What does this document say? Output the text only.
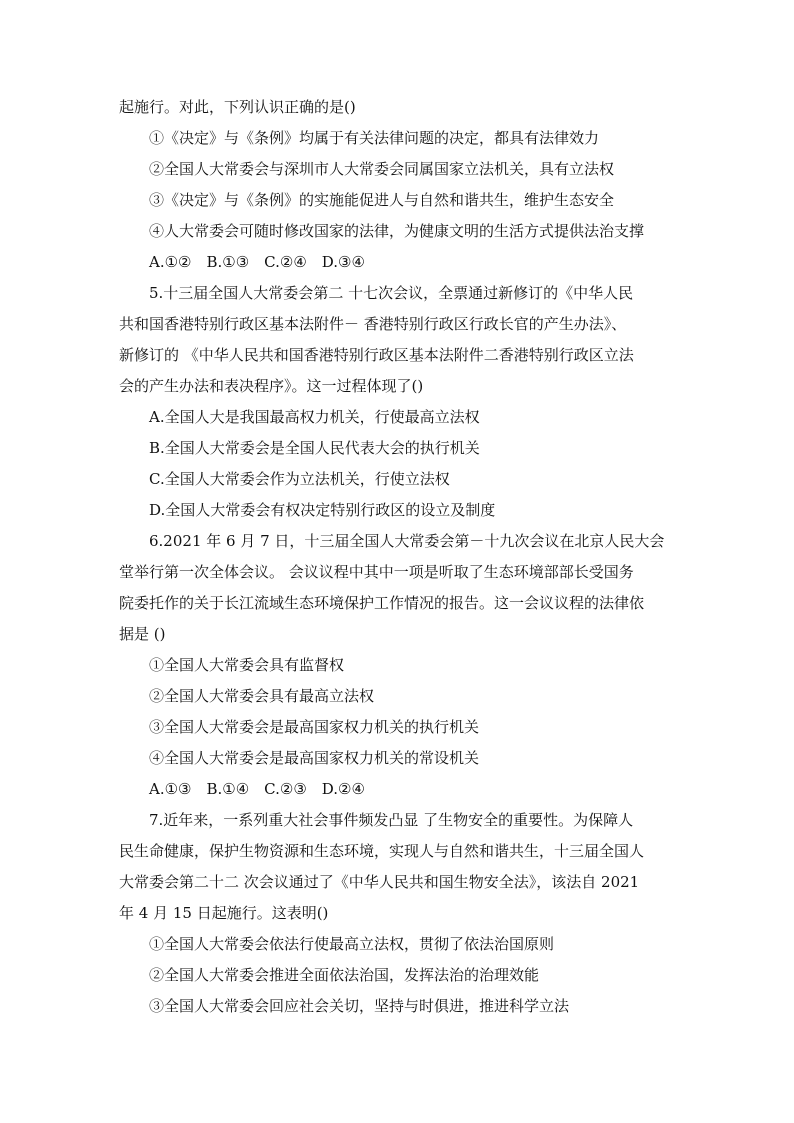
起施行。对此，下列认识正确的是()
①《决定》与《条例》均属于有关法律问题的决定，都具有法律效力
②全国人大常委会与深圳市人大常委会同属国家立法机关，具有立法权
③《决定》与《条例》的实施能促进人与自然和谐共生，维护生态安全
④人大常委会可随时修改国家的法律，为健康文明的生活方式提供法治支撑
A.①②　B.①③　C.②④　D.③④
5.十三届全国人大常委会第二 十七次会议，全票通过新修订的《中华人民
共和国香港特别行政区基本法附件－ 香港特别行政区行政长官的产生办法》、
新修订的 《中华人民共和国香港特别行政区基本法附件二香港特别行政区立法
会的产生办法和表决程序》。这一过程体现了()
A.全国人大是我国最高权力机关，行使最高立法权
B.全国人大常委会是全国人民代表大会的执行机关
C.全国人大常委会作为立法机关，行使立法权
D.全国人大常委会有权决定特别行政区的设立及制度
6.2021 年 6 月 7 日，十三届全国人大常委会第－十九次会议在北京人民大会
堂举行第一次全体会议。 会议议程中其中一项是听取了生态环境部部长受国务
院委托作的关于长江流域生态环境保护工作情况的报告。这一会议议程的法律依
据是 ()
①全国人大常委会具有监督权
②全国人大常委会具有最高立法权
③全国人大常委会是最高国家权力机关的执行机关
④全国人大常委会是最高国家权力机关的常设机关
A.①③　B.①④　C.②③　D.②④
7.近年来，一系列重大社会事件频发凸显 了生物安全的重要性。为保障人
民生命健康，保护生物资源和生态环境，实现人与自然和谐共生，十三届全国人
大常委会第二十二 次会议通过了《中华人民共和国生物安全法》，该法自 2021
年 4 月 15 日起施行。这表明()
①全国人大常委会依法行使最高立法权，贯彻了依法治国原则
②全国人大常委会推进全面依法治国，发挥法治的治理效能
③全国人大常委会回应社会关切，坚持与时俱进，推进科学立法
